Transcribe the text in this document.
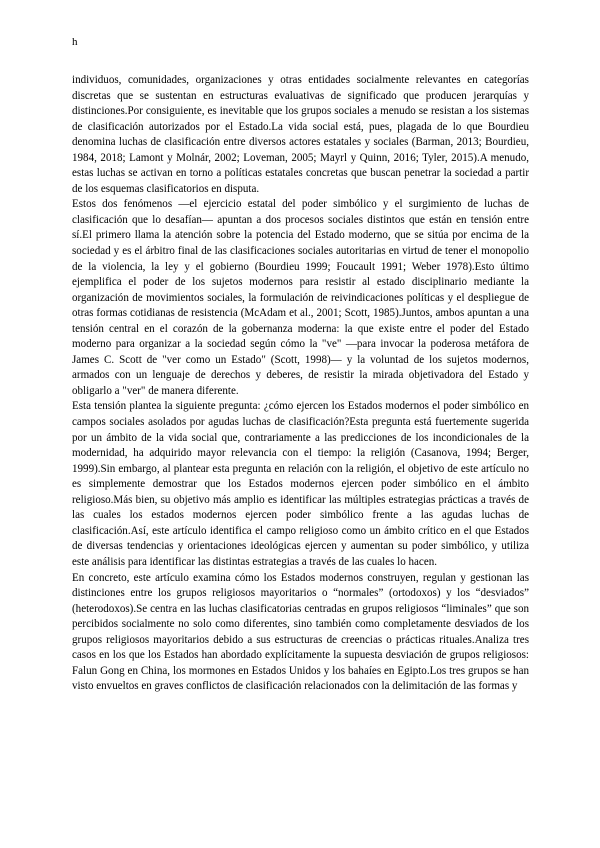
h

individuos, comunidades, organizaciones y otras entidades socialmente relevantes en categorías discretas que se sustentan en estructuras evaluativas de significado que producen jerarquías y distinciones.Por consiguiente, es inevitable que los grupos sociales a menudo se resistan a los sistemas de clasificación autorizados por el Estado.La vida social está, pues, plagada de lo que Bourdieu denomina luchas de clasificación entre diversos actores estatales y sociales (Barman, 2013; Bourdieu, 1984, 2018; Lamont y Molnár, 2002; Loveman, 2005; Mayrl y Quinn, 2016; Tyler, 2015).A menudo, estas luchas se activan en torno a políticas estatales concretas que buscan penetrar la sociedad a partir de los esquemas clasificatorios en disputa.

Estos dos fenómenos —el ejercicio estatal del poder simbólico y el surgimiento de luchas de clasificación que lo desafían— apuntan a dos procesos sociales distintos que están en tensión entre sí.El primero llama la atención sobre la potencia del Estado moderno, que se sitúa por encima de la sociedad y es el árbitro final de las clasificaciones sociales autoritarias en virtud de tener el monopolio de la violencia, la ley y el gobierno (Bourdieu 1999; Foucault 1991; Weber 1978).Esto último ejemplifica el poder de los sujetos modernos para resistir al estado disciplinario mediante la organización de movimientos sociales, la formulación de reivindicaciones políticas y el despliegue de otras formas cotidianas de resistencia (McAdam et al., 2001; Scott, 1985).Juntos, ambos apuntan a una tensión central en el corazón de la gobernanza moderna: la que existe entre el poder del Estado moderno para organizar a la sociedad según cómo la "ve" —para invocar la poderosa metáfora de James C. Scott de "ver como un Estado" (Scott, 1998)— y la voluntad de los sujetos modernos, armados con un lenguaje de derechos y deberes, de resistir la mirada objetivadora del Estado y obligarlo a "ver" de manera diferente.

Esta tensión plantea la siguiente pregunta: ¿cómo ejercen los Estados modernos el poder simbólico en campos sociales asolados por agudas luchas de clasificación?Esta pregunta está fuertemente sugerida por un ámbito de la vida social que, contrariamente a las predicciones de los incondicionales de la modernidad, ha adquirido mayor relevancia con el tiempo: la religión (Casanova, 1994; Berger, 1999).Sin embargo, al plantear esta pregunta en relación con la religión, el objetivo de este artículo no es simplemente demostrar que los Estados modernos ejercen poder simbólico en el ámbito religioso.Más bien, su objetivo más amplio es identificar las múltiples estrategias prácticas a través de las cuales los estados modernos ejercen poder simbólico frente a las agudas luchas de clasificación.Así, este artículo identifica el campo religioso como un ámbito crítico en el que Estados de diversas tendencias y orientaciones ideológicas ejercen y aumentan su poder simbólico, y utiliza este análisis para identificar las distintas estrategias a través de las cuales lo hacen.

En concreto, este artículo examina cómo los Estados modernos construyen, regulan y gestionan las distinciones entre los grupos religiosos mayoritarios o “normales” (ortodoxos) y los “desviados” (heterodoxos).Se centra en las luchas clasificatorias centradas en grupos religiosos “liminales” que son percibidos socialmente no solo como diferentes, sino también como completamente desviados de los grupos religiosos mayoritarios debido a sus estructuras de creencias o prácticas rituales.Analiza tres casos en los que los Estados han abordado explícitamente la supuesta desviación de grupos religiosos: Falun Gong en China, los mormones en Estados Unidos y los bahaíes en Egipto.Los tres grupos se han visto envueltos en graves conflictos de clasificación relacionados con la delimitación de las formas y
